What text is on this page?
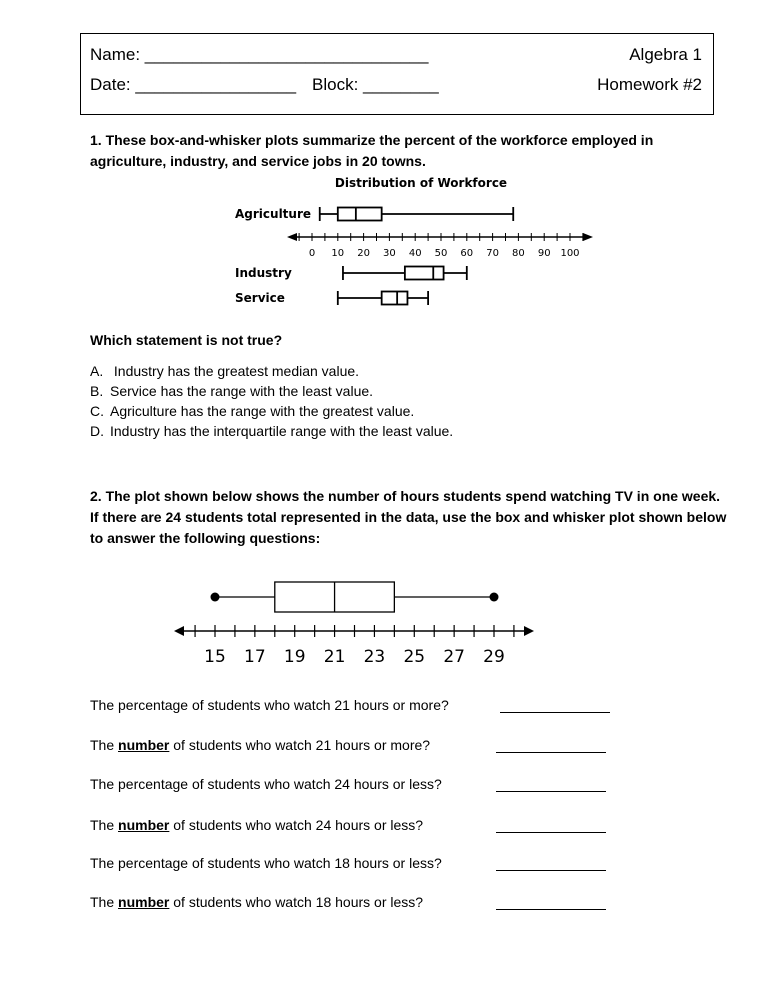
Name: ______________________________
Date: _________________ Block: ________
Algebra 1
Homework #2
1. These box-and-whisker plots summarize the percent of the workforce employed in agriculture, industry, and service jobs in 20 towns.
Distribution of Workforce
0 10 20 30 40 50 60 70 80 90 100
Agriculture
Industry
Service
Which statement is not true?
A. Industry has the greatest median value.
B. Service has the range with the least value.
C. Agriculture has the range with the greatest value.
D. Industry has the interquartile range with the least value.
2. The plot shown below shows the number of hours students spend watching TV in one week. If there are 24 students total represented in the data, use the box and whisker plot shown below to answer the following questions:
15 17 19 21 23 25 27 29
The percentage of students who watch 21 hours or more?
The number of students who watch 21 hours or more?
The percentage of students who watch 24 hours or less?
The number of students who watch 24 hours or less?
The percentage of students who watch 18 hours or less?
The number of students who watch 18 hours or less?
